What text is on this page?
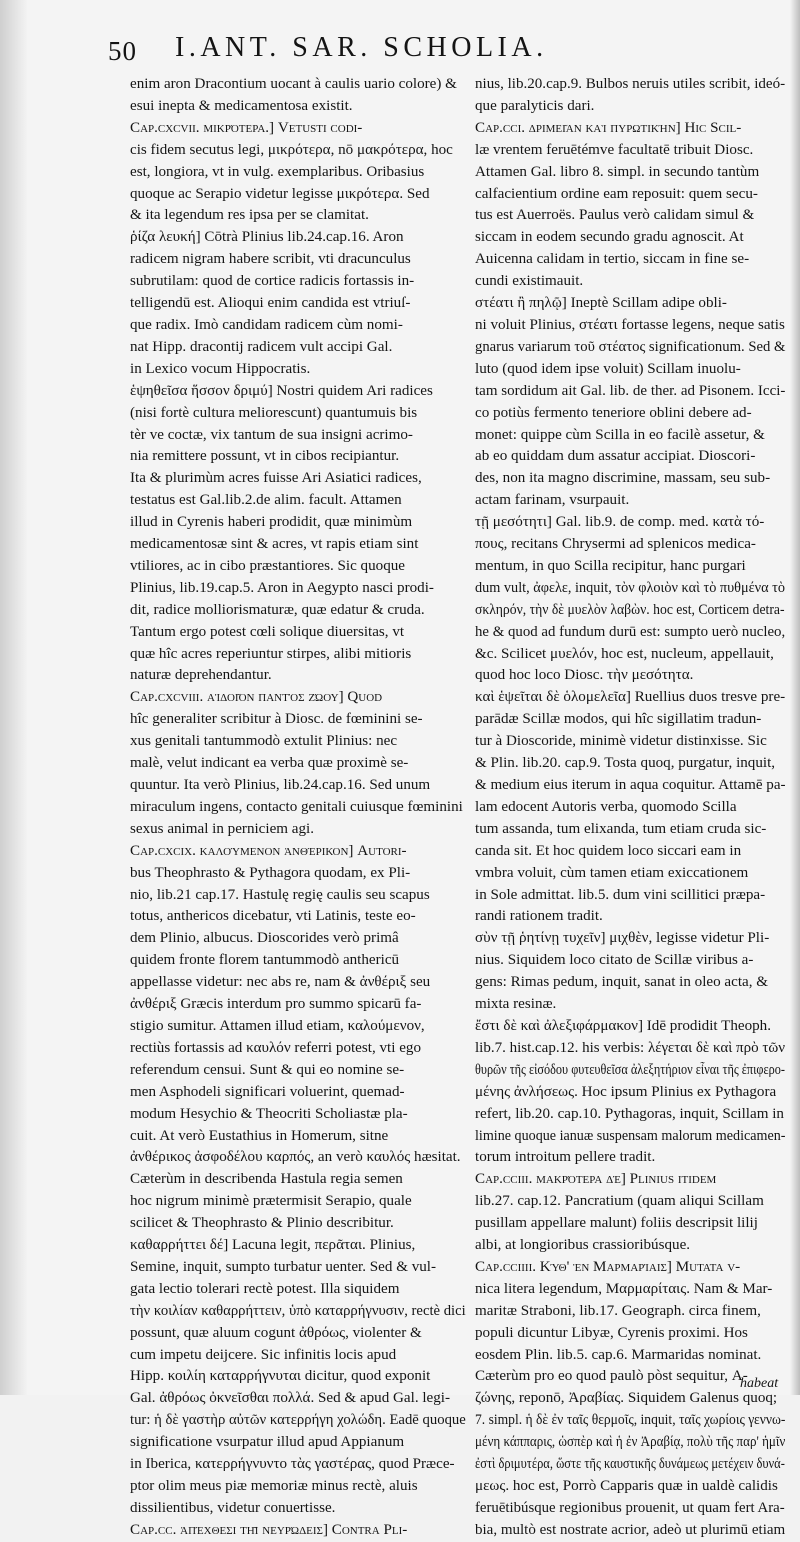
50 I.ANT. SAR. SCHOLIA.
enim aron Dracontium uocant à caulis uario colore) &
esui inepta & medicamentosa existit.
Cap.cxcvii. μικρότερα.] Vetusti codi-
cis fidem secutus legi, μικρότερα, nō μακρότερα, hoc
est, longiora, vt in vulg. exemplaribus. Oribasius
quoque ac Serapio videtur legisse μικρότερα. Sed
& ita legendum res ipsa per se clamitat.
ῥίζα λευκή] Cōtrà Plinius lib.24.cap.16. Aron
radicem nigram habere scribit, vti dracunculus
subrutilam: quod de cortice radicis fortassis in-
telligendū est. Alioqui enim candida est vtriuſ-
que radix. Imò candidam radicem cùm nomi-
nat Hipp. dracontij radicem vult accipi Gal.
in Lexico vocum Hippocratis.
ἑψηθεῖσα ἥσσον δριμύ] Nostri quidem Ari radices
(nisi fortè cultura meliorescunt) quantumuis bis
tèr ve coctæ, vix tantum de sua insigni acrimo-
nia remittere possunt, vt in cibos recipiantur.
Ita & plurimùm acres fuisse Ari Asiatici radices,
testatus est Gal.lib.2.de alim. facult. Attamen
illud in Cyrenis haberi prodidit, quæ minimùm
medicamentosæ sint & acres, vt rapis etiam sint
vtiliores, ac in cibo præstantiores. Sic quoque
Plinius, lib.19.cap.5. Aron in Aegypto nasci prodi-
dit, radice molliorismaturæ, quæ edatur & cruda.
Tantum ergo potest cœli solique diuersitas, vt
quæ hîc acres reperiuntur stirpes, alibi mitioris
naturæ deprehendantur.
Cap.cxcviii. αἰδοῖον παντὸς ζώου] Quod
hîc generaliter scribitur à Diosc. de fœminini se-
xus genitali tantummodò extulit Plinius: nec
malè, velut indicant ea verba quæ proximè se-
quuntur. Ita verò Plinius, lib.24.cap.16. Sed unum
miraculum ingens, contacto genitali cuiusque fœminini
sexus animal in perniciem agi.
Cap.cxcix. καλούμενον ἀνθέρικον] Autori-
bus Theophrasto & Pythagora quodam, ex Pli-
nio, lib.21 cap.17. Hastulę regię caulis seu scapus
totus, anthericos dicebatur, vti Latinis, teste eo-
dem Plinio, albucus. Dioscorides verò primâ
quidem fronte florem tantummodò anthericū
appellasse videtur: nec abs re, nam & ἀνθέριξ seu
ἀνθέριξ Græcis interdum pro summo spicarū fa-
stigio sumitur. Attamen illud etiam, καλούμενον,
rectiùs fortassis ad καυλόν referri potest, vti ego
referendum censui. Sunt & qui eo nomine se-
men Asphodeli significari voluerint, quemad-
modum Hesychio & Theocriti Scholiastæ pla-
cuit. At verò Eustathius in Homerum, sitne
ἀνθέρικος ἀσφοδέλου καρπός, an verò καυλός hæsitat.
Cæterùm in describenda Hastula regia semen
hoc nigrum minimè prætermisit Serapio, quale
scilicet & Theophrasto & Plinio describitur.
καθαρρήττει δέ] Lacuna legit, περᾶται. Plinius,
Semine, inquit, sumpto turbatur uenter. Sed & vul-
gata lectio tolerari rectè potest. Illa siquidem
τὴν κοιλίαν καθαρρήττειν, ὑπὸ καταρρήγνυσιν, rectè dici
possunt, quæ aluum cogunt ἀθρόως, violenter &
cum impetu deijcere. Sic infinitis locis apud
Hipp. κοιλίη καταρρήγνυται dicitur, quod exponit
Gal. ἀθρόως ὀκνεῖσθαι πολλά. Sed & apud Gal. legi-
tur: ἡ δὲ γαστὴρ αὐτῶν κατερρήγη χολώδη. Eadē quoque
significatione vsurpatur illud apud Appianum
in Iberica, κατερρήγνυντο τὰς γαστέρας, quod Præce-
ptor olim meus piæ memoriæ minus rectè, aluis
dissilientibus, videtur conuertisse.
Cap.cc. ἀπέχθεσι τῇ νευρώδεις] Contra Pli-
nius, lib.20.cap.9. Bulbos neruis utiles scribit, ideó-
que paralyticis dari.
Cap.cci. δριμεῖαν καὶ πυρωτικήν] Hic Scil-
læ vrentem feruētémve facultatē tribuit Diosc.
Attamen Gal. libro 8. simpl. in secundo tantùm
calfacientium ordine eam reposuit: quem secu-
tus est Auerroës. Paulus verò calidam simul &
siccam in eodem secundo gradu agnoscit. At
Auicenna calidam in tertio, siccam in fine se-
cundi existimauit.
στέατι ἢ πηλῷ] Ineptè Scillam adipe obli-
ni voluit Plinius, στέατι fortasse legens, neque satis
gnarus variarum τοῦ στέατος significationum. Sed &
luto (quod idem ipse voluit) Scillam inuolu-
tam sordidum ait Gal. lib. de ther. ad Pisonem. Icci-
co potiùs fermento teneriore oblini debere ad-
monet: quippe cùm Scilla in eo facilè assetur, &
ab eo quiddam dum assatur accipiat. Dioscori-
des, non ita magno discrimine, massam, seu sub-
actam farinam, vsurpauit.
τῇ μεσότητι] Gal. lib.9. de comp. med. κατὰ τό-
πους, recitans Chrysermi ad splenicos medica-
mentum, in quo Scilla recipitur, hanc purgari
dum vult, ἀφελε, inquit, τὸν φλοιὸν καὶ τὸ πυθμένα τὸ
σκληρόν, τὴν δὲ μυελὸν λαβὼν. hoc est, Corticem detra-
he & quod ad fundum durū est: sumpto uerò nucleo,
&c. Scilicet μυελόν, hoc est, nucleum, appellauit,
quod hoc loco Diosc. τὴν μεσότητα.
καὶ ἑψεῖται δὲ ὁλομελεῖα] Ruellius duos tresve pre-
parādæ Scillæ modos, qui hîc sigillatim tradun-
tur à Dioscoride, minimè videtur distinxisse. Sic
& Plin. lib.20. cap.9. Tosta quoq, purgatur, inquit,
& medium eius iterum in aqua coquitur. Attamē pa-
lam edocent Autoris verba, quomodo Scilla
tum assanda, tum elixanda, tum etiam cruda sic-
canda sit. Et hoc quidem loco siccari eam in
vmbra voluit, cùm tamen etiam exiccationem
in Sole admittat. lib.5. dum vini scillitici præpa-
randi rationem tradit.
σὺν τῇ ῥητίνῃ τυχεῖν] μιχθὲν, legisse videtur Pli-
nius. Siquidem loco citato de Scillæ viribus a-
gens: Rimas pedum, inquit, sanat in oleo acta, &
mixta resinæ.
ἔστι δὲ καὶ ἀλεξιφάρμακον] Idē prodidit Theoph.
lib.7. hist.cap.12. his verbis: λέγεται δὲ καὶ πρὸ τῶν
θυρῶν τῆς εἰσόδου φυτευθεῖσα ἀλεξητήριον εἶναι τῆς ἐπιφερο-
μένης ἀνλήσεως. Hoc ipsum Plinius ex Pythagora
refert, lib.20. cap.10. Pythagoras, inquit, Scillam in
limine quoque ianuæ suspensam malorum medicamen-
torum introitum pellere tradit.
Cap.cciii. μακρότερα δέ] Plinius itidem
lib.27. cap.12. Pancratium (quam aliqui Scillam
pusillam appellare malunt) foliis descripsit lilij
albi, at longioribus crassioribúsque.
Cap.cciiii. Κύθ' ἐν Μαρμαρίαις] Mutata v-
nica litera legendum, Μαρμαρίταις. Nam & Mar-
maritæ Straboni, lib.17. Geograph. circa finem,
populi dicuntur Libyæ, Cyrenis proximi. Hos
eosdem Plin. lib.5. cap.6. Marmaridas nominat.
Cæterùm pro eo quod paulò pòst sequitur, Α-
ζώνης, reponō, Ἀραβίας. Siquidem Galenus quoq;
7. simpl. ἡ δὲ ἐν ταῖς θερμοῖς, inquit, ταῖς χωρίοις γεννω-
μένη κάππαρις, ὡσπὲρ καὶ ἡ ἐν Ἀραβίᾳ, πολὺ τῆς παρ' ἡμῖν
ἐστὶ δριμυτέρα, ὥστε τῆς καυστικῆς δυνάμεως μετέχειν δυνά-
μεως. hoc est, Porrò Capparis quæ in ualdè calidis
feruētibúsque regionibus prouenit, ut quam fert Ara-
bia, multò est nostrate acrior, adeò ut plurimū etiam
habeat
